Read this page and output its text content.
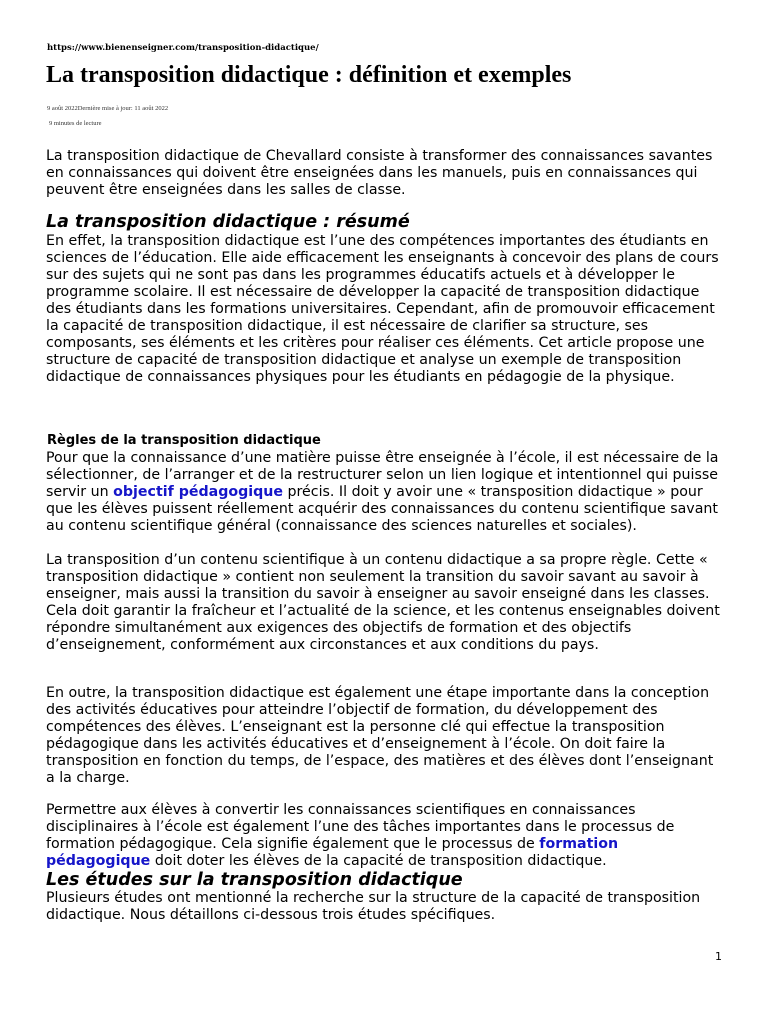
https://www.bienenseigner.com/transposition-didactique/
La transposition didactique : définition et exemples
9 août 2022Dernière mise à jour: 11 août 2022
9 minutes de lecture

La transposition didactique de Chevallard consiste à transformer des connaissances savantes en connaissances qui doivent être enseignées dans les manuels, puis en connaissances qui peuvent être enseignées dans les salles de classe.

La transposition didactique : résumé

En effet, la transposition didactique est l’une des compétences importantes des étudiants en sciences de l’éducation. Elle aide efficacement les enseignants à concevoir des plans de cours sur des sujets qui ne sont pas dans les programmes éducatifs actuels et à développer le programme scolaire. Il est nécessaire de développer la capacité de transposition didactique des étudiants dans les formations universitaires. Cependant, afin de promouvoir efficacement la capacité de transposition didactique, il est nécessaire de clarifier sa structure, ses composants, ses éléments et les critères pour réaliser ces éléments. Cet article propose une structure de capacité de transposition didactique et analyse un exemple de transposition didactique de connaissances physiques pour les étudiants en pédagogie de la physique.

Règles de la transposition didactique

Pour que la connaissance d’une matière puisse être enseignée à l’école, il est nécessaire de la sélectionner, de l’arranger et de la restructurer selon un lien logique et intentionnel qui puisse servir un objectif pédagogique précis. Il doit y avoir une « transposition didactique » pour que les élèves puissent réellement acquérir des connaissances du contenu scientifique savant au contenu scientifique général (connaissance des sciences naturelles et sociales).

La transposition d’un contenu scientifique à un contenu didactique a sa propre règle. Cette « transposition didactique » contient non seulement la transition du savoir savant au savoir à enseigner, mais aussi la transition du savoir à enseigner au savoir enseigné dans les classes. Cela doit garantir la fraîcheur et l’actualité de la science, et les contenus enseignables doivent répondre simultanément aux exigences des objectifs de formation et des objectifs d’enseignement, conformément aux circonstances et aux conditions du pays.

En outre, la transposition didactique est également une étape importante dans la conception des activités éducatives pour atteindre l’objectif de formation, du développement des compétences des élèves. L’enseignant est la personne clé qui effectue la transposition pédagogique dans les activités éducatives et d’enseignement à l’école. On doit faire la transposition en fonction du temps, de l’espace, des matières et des élèves dont l’enseignant a la charge.

Permettre aux élèves à convertir les connaissances scientifiques en connaissances disciplinaires à l’école est également l’une des tâches importantes dans le processus de formation pédagogique. Cela signifie également que le processus de formation pédagogique doit doter les élèves de la capacité de transposition didactique.

Les études sur la transposition didactique

Plusieurs études ont mentionné la recherche sur la structure de la capacité de transposition didactique. Nous détaillons ci-dessous trois études spécifiques.

1
